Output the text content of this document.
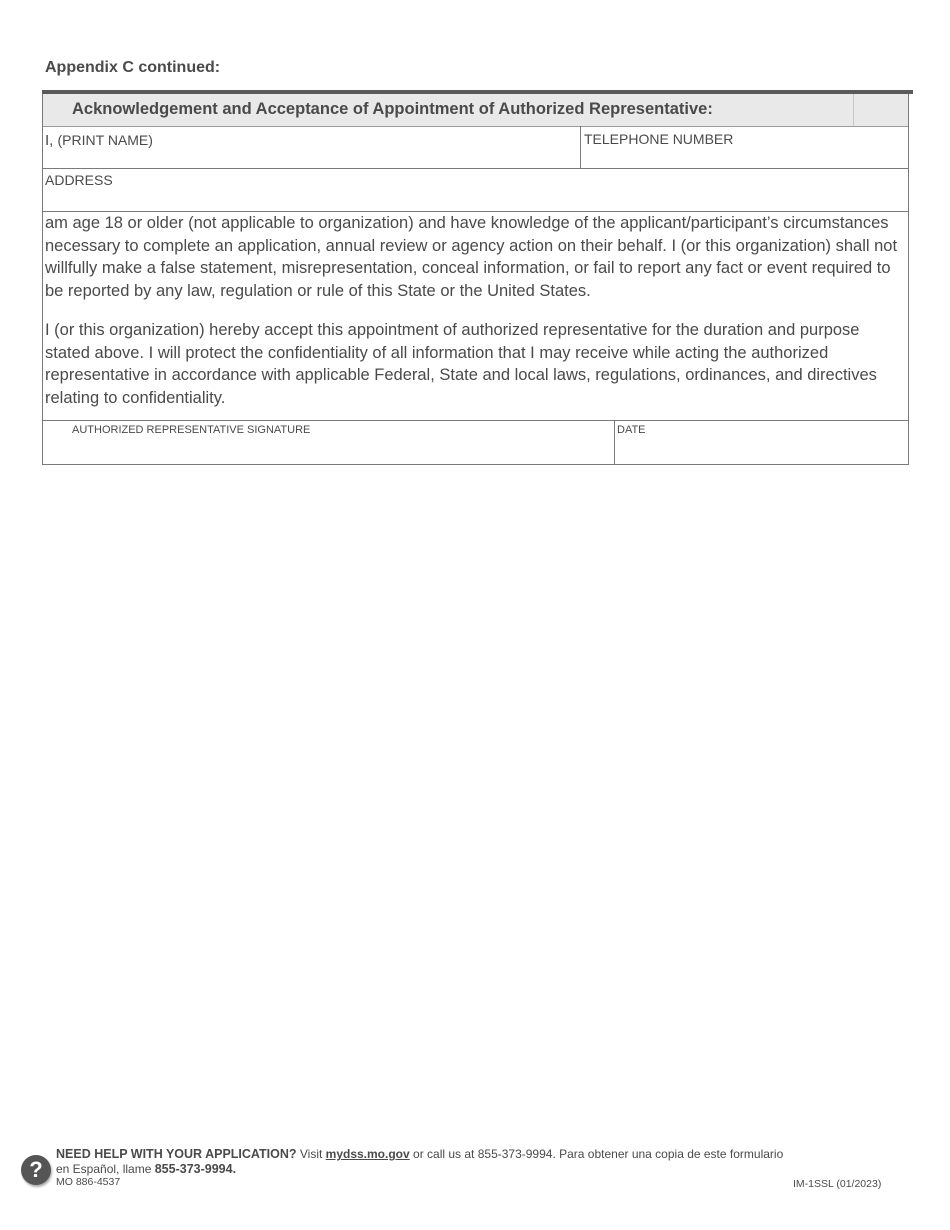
Appendix C continued:
Acknowledgement and Acceptance of Appointment of Authorized Representative:
I, (PRINT NAME)	TELEPHONE NUMBER
ADDRESS

am age 18 or older (not applicable to organization) and have knowledge of the applicant/participant’s circumstances necessary to complete an application, annual review or agency action on their behalf. I (or this organization) shall not willfully make a false statement, misrepresentation, conceal information, or fail to report any fact or event required to be reported by any law, regulation or rule of this State or the United States.

I (or this organization) hereby accept this appointment of authorized representative for the duration and purpose stated above. I will protect the confidentiality of all information that I may receive while acting the authorized representative in accordance with applicable Federal, State and local laws, regulations, ordinances, and directives relating to confidentiality.

AUTHORIZED REPRESENTATIVE SIGNATURE	DATE
?
NEED HELP WITH YOUR APPLICATION? Visit mydss.mo.gov or call us at 855-373-9994. Para obtener una copia de este formulario en Español, llame 855-373-9994.
MO 886-4537	IM-1SSL (01/2023)
